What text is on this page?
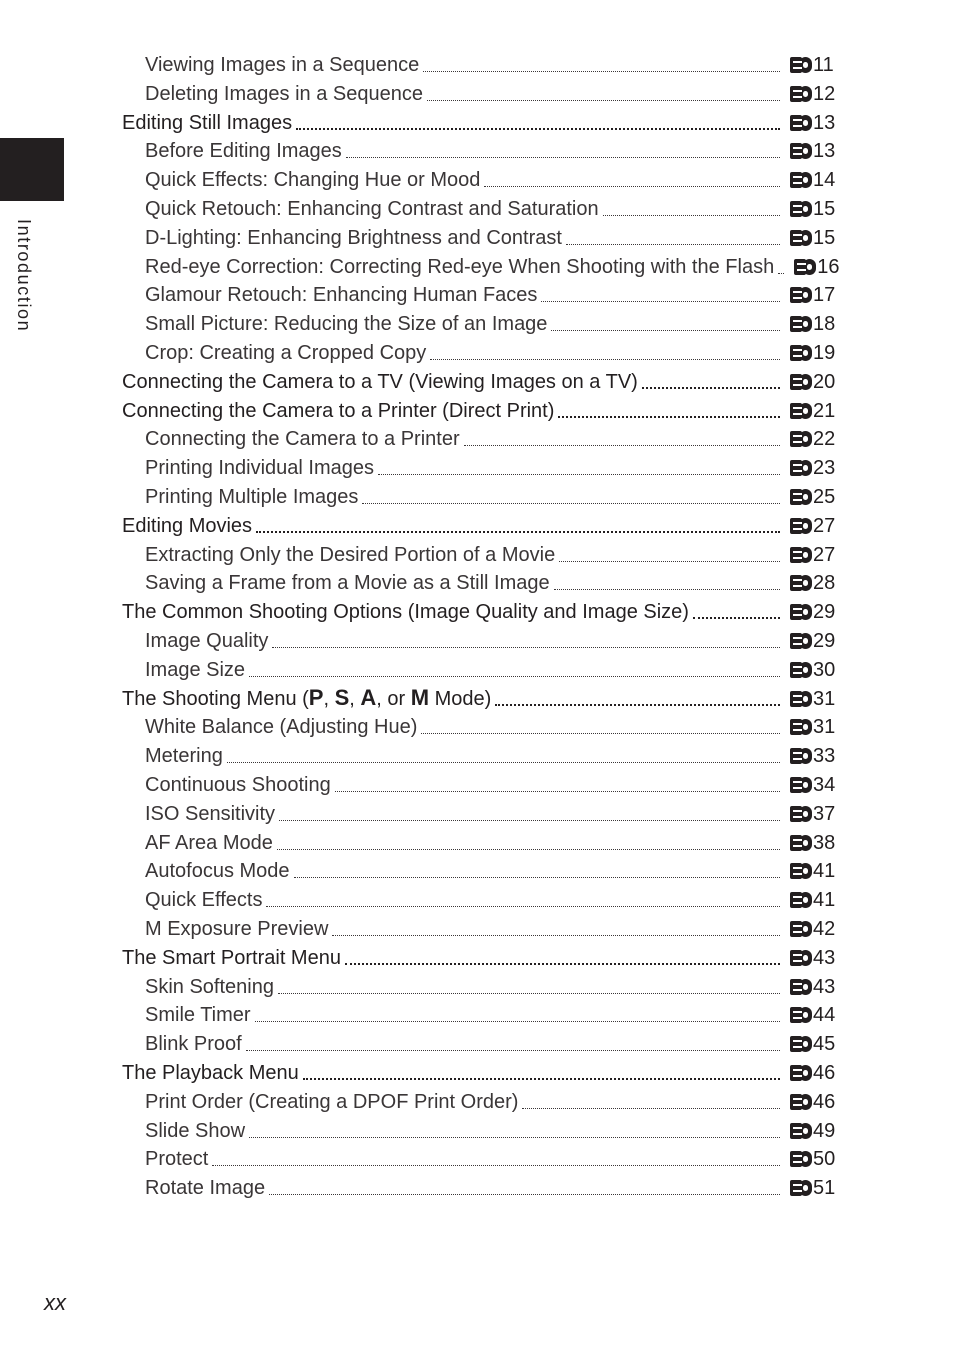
Introduction
Viewing Images in a Sequence	11
Deleting Images in a Sequence	12
Editing Still Images	13
Before Editing Images	13
Quick Effects: Changing Hue or Mood	14
Quick Retouch: Enhancing Contrast and Saturation	15
D-Lighting: Enhancing Brightness and Contrast	15
Red-eye Correction: Correcting Red-eye When Shooting with the Flash 16
Glamour Retouch: Enhancing Human Faces	17
Small Picture: Reducing the Size of an Image	18
Crop: Creating a Cropped Copy	19
Connecting the Camera to a TV (Viewing Images on a TV)	20
Connecting the Camera to a Printer (Direct Print)	21
Connecting the Camera to a Printer	22
Printing Individual Images	23
Printing Multiple Images	25
Editing Movies	27
Extracting Only the Desired Portion of a Movie	27
Saving a Frame from a Movie as a Still Image	28
The Common Shooting Options (Image Quality and Image Size)	29
Image Quality	29
Image Size	30
The Shooting Menu (P, S, A, or M Mode)	31
White Balance (Adjusting Hue)	31
Metering	33
Continuous Shooting	34
ISO Sensitivity	37
AF Area Mode	38
Autofocus Mode	41
Quick Effects	41
M Exposure Preview	42
The Smart Portrait Menu	43
Skin Softening	43
Smile Timer	44
Blink Proof	45
The Playback Menu	46
Print Order (Creating a DPOF Print Order)	46
Slide Show	49
Protect	50
Rotate Image	51
xx
